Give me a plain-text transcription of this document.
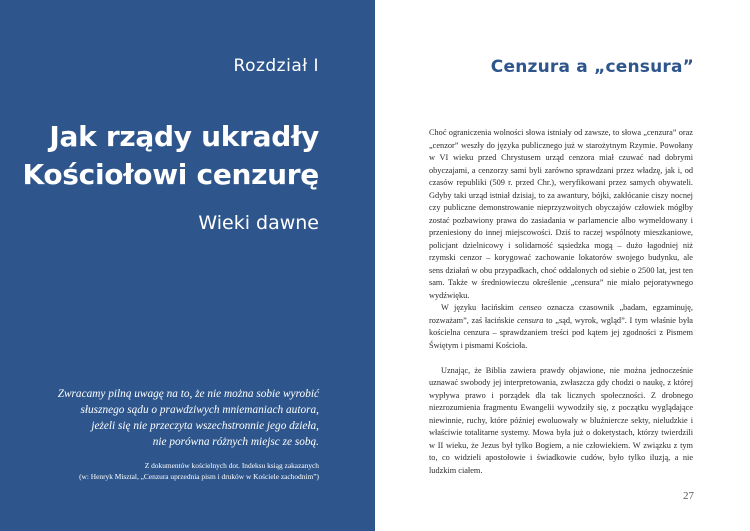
Rozdział I
Jak rządy ukradły
Kościołowi cenzurę
Wieki dawne
Zwracamy pilną uwagę na to, że nie można sobie wyrobić
słusznego sądu o prawdziwych mniemaniach autora,
jeżeli się nie przeczyta wszechstronnie jego dzieła,
nie porówna różnych miejsc ze sobą.
Z dokumentów kościelnych dot. Indeksu ksiąg zakazanych
(w: Henryk Misztal, „Cenzura uprzednia pism i druków w Kościele zachodnim”)
Cenzura a „censura”

Choć ograniczenia wolności słowa istniały od zawsze, to słowa „cenzura” oraz „cenzor” weszły do języka publicznego już w starożytnym Rzymie. Powołany w VI wieku przed Chrystusem urząd cenzora miał czuwać nad dobrymi obyczajami, a cenzorzy sami byli zarówno sprawdzani przez władzę, jak i, od czasów republiki (509 r. przed Chr.), weryfikowani przez samych obywateli. Gdyby taki urząd istniał dzisiaj, to za awantury, bójki, zakłócanie ciszy nocnej czy publiczne demonstrowanie nieprzyzwoitych obyczajów człowiek mógłby zostać pozbawiony prawa do zasiadania w parlamencie albo wymeldowany i przeniesiony do innej miejscowości. Dziś to raczej wspólnoty mieszkaniowe, policjant dzielnicowy i solidarność sąsiedzka mogą – dużo łagodniej niż rzymski cenzor – korygować zachowanie lokatorów swojego budynku, ale sens działań w obu przypadkach, choć oddalonych od siebie o 2500 lat, jest ten sam. Także w średniowieczu określenie „censura” nie miało pejoratywnego wydźwięku.

W języku łacińskim censeo oznacza czasownik „badam, egzaminuję, rozważam”, zaś łacińskie censura to „sąd, wyrok, wgląd”. I tym właśnie była kościelna cenzura – sprawdzaniem treści pod kątem jej zgodności z Pismem Świętym i pismami Kościoła.

Uznając, że Biblia zawiera prawdy objawione, nie można jednocześnie uznawać swobody jej interpretowania, zwłaszcza gdy chodzi o naukę, z której wypływa prawo i porządek dla tak licznych społeczności. Z drobnego niezrozumienia fragmentu Ewangelii wywodziły się, z początku wyglądające niewinnie, ruchy, które później ewoluowały w bluźniercze sekty, nieludzkie i właściwie totalitarne systemy. Mowa była już o doketystach, którzy twierdzili w II wieku, że Jezus był tylko Bogiem, a nie człowiekiem. W związku z tym to, co widzieli apostołowie i świadkowie cudów, było tylko iluzją, a nie ludzkim ciałem.

27
